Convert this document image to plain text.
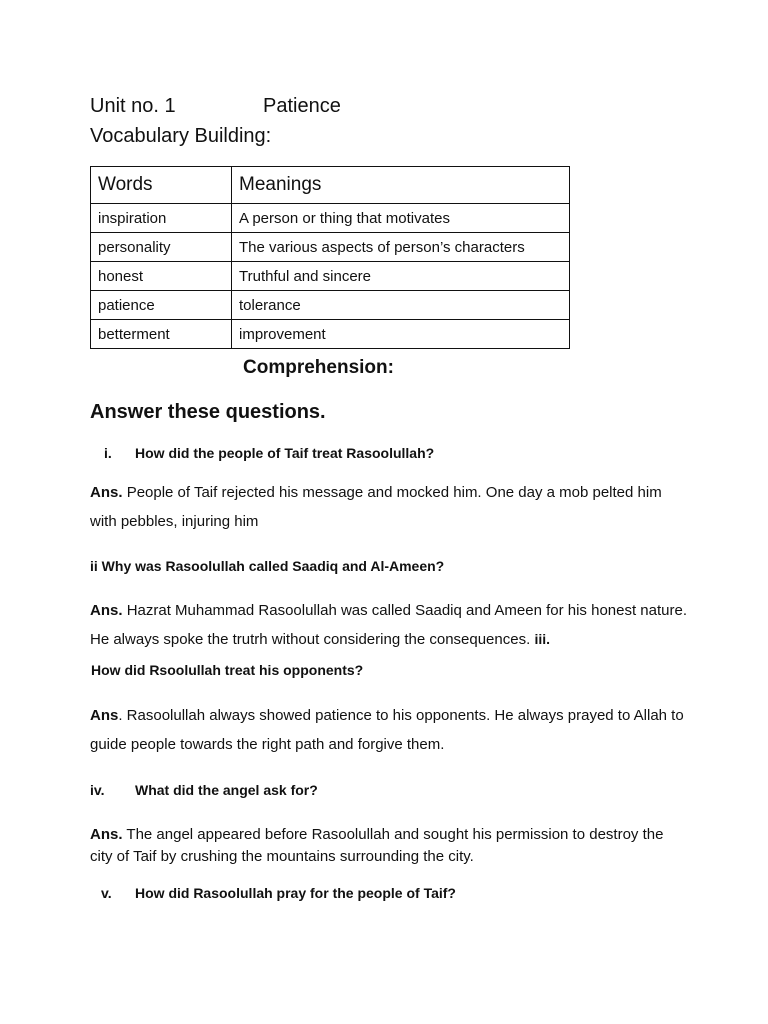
Unit no. 1	Patience
Vocabulary Building:
Words	Meanings
inspiration	A person or thing that motivates
personality	The various aspects of person’s characters
honest	Truthful and sincere
patience	tolerance
betterment	improvement
Comprehension:
Answer these questions.
i. How did the people of Taif treat Rasoolullah?
Ans. People of Taif rejected his message and mocked him. One day a mob pelted him with pebbles, injuring him
ii Why was Rasoolullah called Saadiq and Al-Ameen?
Ans. Hazrat Muhammad Rasoolullah was called Saadiq and Ameen for his honest nature. He always spoke the trutrh without considering the consequences. iii.
How did Rsoolullah treat his opponents?
Ans. Rasoolullah always showed patience to his opponents. He always prayed to Allah to guide people towards the right path and forgive them.
iv. What did the angel ask for?
Ans. The angel appeared before Rasoolullah and sought his permission to destroy the city of Taif by crushing the mountains surrounding the city.
v. How did Rasoolullah pray for the people of Taif?
